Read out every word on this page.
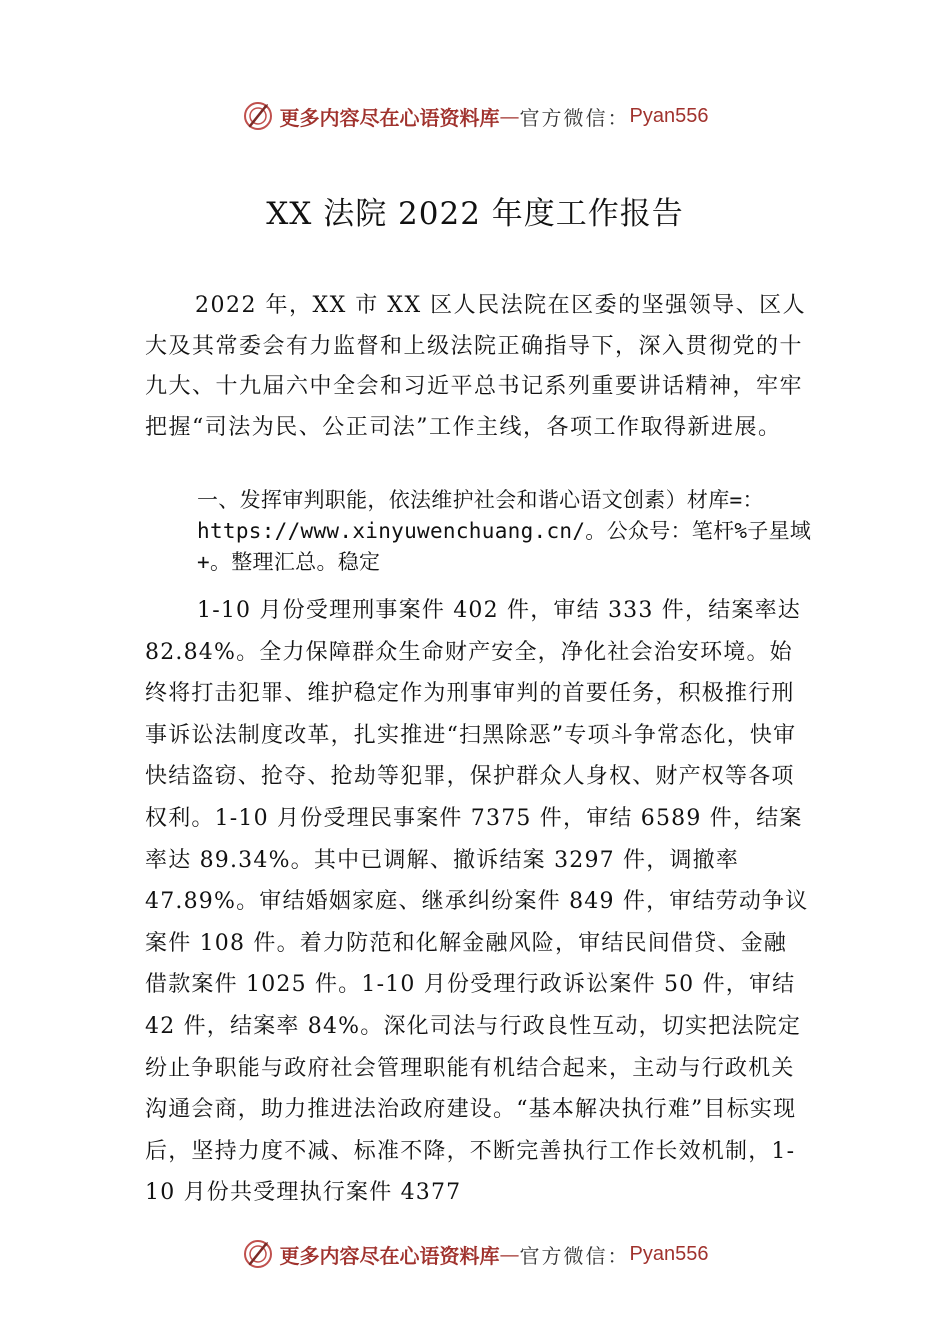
更多内容尽在心语资料库 — 官方微信： Pyan556
XX 法院 2022 年度工作报告

2022 年，XX 市 XX 区人民法院在区委的坚强领导、区人大及其常委会有力监督和上级法院正确指导下，深入贯彻党的十九大、十九届六中全会和习近平总书记系列重要讲话精神，牢牢把握“司法为民、公正司法”工作主线，各项工作取得新进展。

一、发挥审判职能，依法维护社会和谐心语文创素）材库=：https://www.xinyuwenchuang.cn/。公众号：笔杆%子星域+。整理汇总。稳定

1-10 月份受理刑事案件 402 件，审结 333 件，结案率达 82.84%。全力保障群众生命财产安全，净化社会治安环境。始终将打击犯罪、维护稳定作为刑事审判的首要任务，积极推行刑事诉讼法制度改革，扎实推进“扫黑除恶”专项斗争常态化，快审快结盗窃、抢夺、抢劫等犯罪，保护群众人身权、财产权等各项权利。1-10 月份受理民事案件 7375 件，审结 6589 件，结案率达 89.34%。其中已调解、撤诉结案 3297 件，调撤率 47.89%。审结婚姻家庭、继承纠纷案件 849 件，审结劳动争议案件 108 件。着力防范和化解金融风险，审结民间借贷、金融借款案件 1025 件。1-10 月份受理行政诉讼案件 50 件，审结 42 件，结案率 84%。深化司法与行政良性互动，切实把法院定纷止争职能与政府社会管理职能有机结合起来，主动与行政机关沟通会商，助力推进法治政府建设。“基本解决执行难”目标实现后，坚持力度不减、标准不降，不断完善执行工作长效机制，1-10 月份共受理执行案件 4377

更多内容尽在心语资料库 — 官方微信： Pyan556
